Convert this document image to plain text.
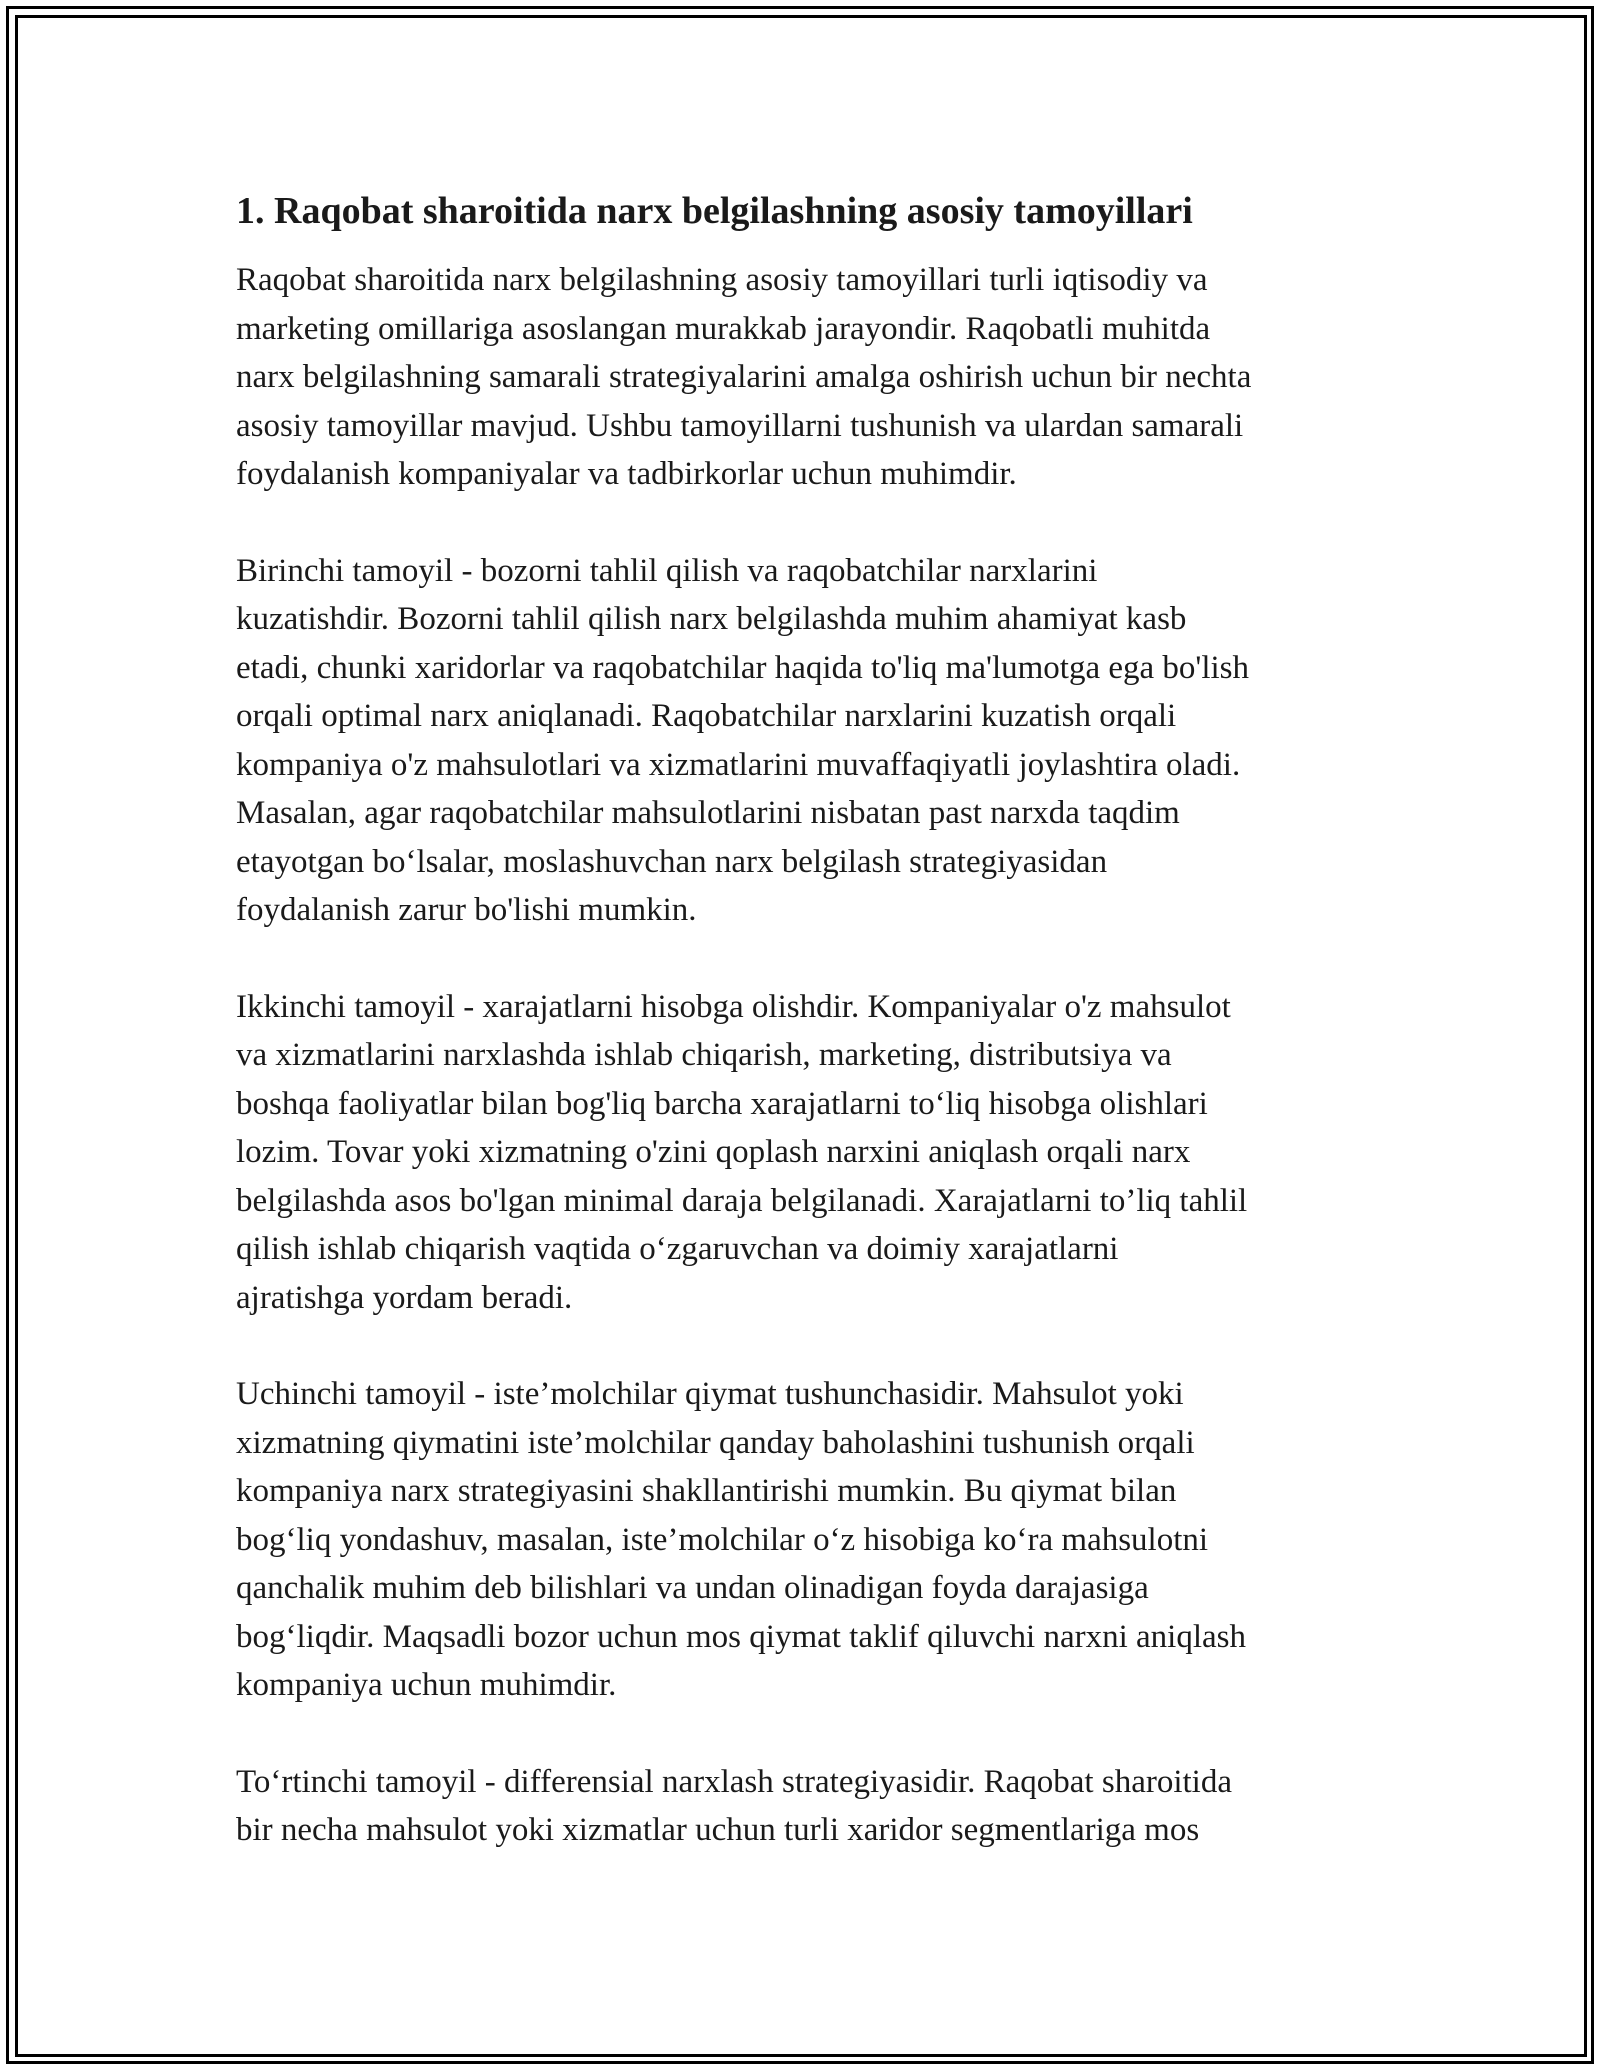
1. Raqobat sharoitida narx belgilashning asosiy tamoyillari
Raqobat sharoitida narx belgilashning asosiy tamoyillari turli iqtisodiy va
marketing omillariga asoslangan murakkab jarayondir. Raqobatli muhitda
narx belgilashning samarali strategiyalarini amalga oshirish uchun bir nechta
asosiy tamoyillar mavjud. Ushbu tamoyillarni tushunish va ulardan samarali
foydalanish kompaniyalar va tadbirkorlar uchun muhimdir.
Birinchi tamoyil - bozorni tahlil qilish va raqobatchilar narxlarini
kuzatishdir. Bozorni tahlil qilish narx belgilashda muhim ahamiyat kasb
etadi, chunki xaridorlar va raqobatchilar haqida to'liq ma'lumotga ega bo'lish
orqali optimal narx aniqlanadi. Raqobatchilar narxlarini kuzatish orqali
kompaniya o'z mahsulotlari va xizmatlarini muvaffaqiyatli joylashtira oladi.
Masalan, agar raqobatchilar mahsulotlarini nisbatan past narxda taqdim
etayotgan bo‘lsalar, moslashuvchan narx belgilash strategiyasidan
foydalanish zarur bo'lishi mumkin.
Ikkinchi tamoyil - xarajatlarni hisobga olishdir. Kompaniyalar o'z mahsulot
va xizmatlarini narxlashda ishlab chiqarish, marketing, distributsiya va
boshqa faoliyatlar bilan bog'liq barcha xarajatlarni to‘liq hisobga olishlari
lozim. Tovar yoki xizmatning o'zini qoplash narxini aniqlash orqali narx
belgilashda asos bo'lgan minimal daraja belgilanadi. Xarajatlarni to’liq tahlil
qilish ishlab chiqarish vaqtida o‘zgaruvchan va doimiy xarajatlarni
ajratishga yordam beradi.
Uchinchi tamoyil - iste’molchilar qiymat tushunchasidir. Mahsulot yoki
xizmatning qiymatini iste’molchilar qanday baholashini tushunish orqali
kompaniya narx strategiyasini shakllantirishi mumkin. Bu qiymat bilan
bog‘liq yondashuv, masalan, iste’molchilar o‘z hisobiga ko‘ra mahsulotni
qanchalik muhim deb bilishlari va undan olinadigan foyda darajasiga
bog‘liqdir. Maqsadli bozor uchun mos qiymat taklif qiluvchi narxni aniqlash
kompaniya uchun muhimdir.
To‘rtinchi tamoyil - differensial narxlash strategiyasidir. Raqobat sharoitida
bir necha mahsulot yoki xizmatlar uchun turli xaridor segmentlariga mos
